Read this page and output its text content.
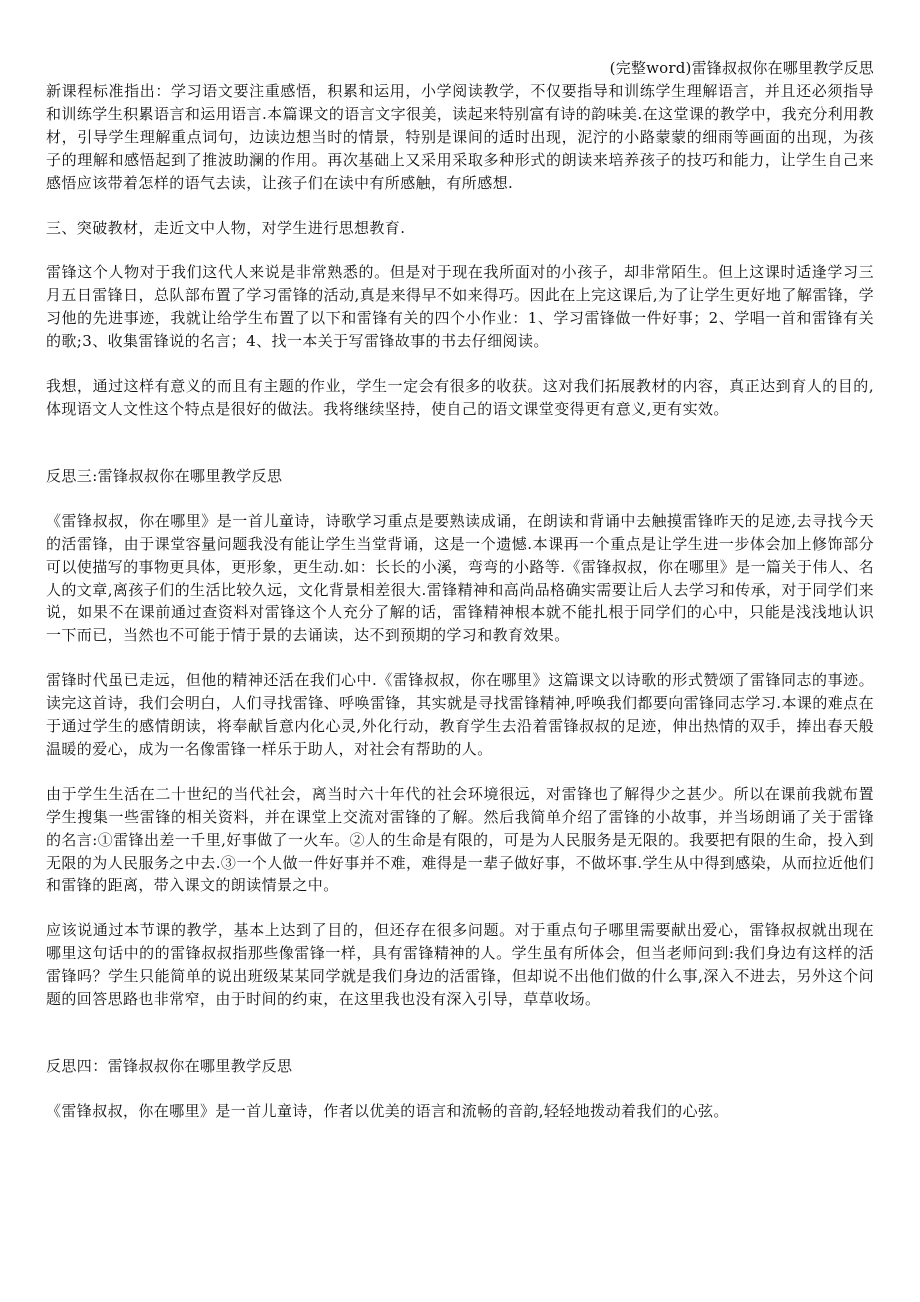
(完整word)雷锋叔叔你在哪里教学反思

新课程标准指出：学习语文要注重感悟，积累和运用，小学阅读教学，不仅要指导和训练学生理解语言，并且还必须指导和训练学生积累语言和运用语言.本篇课文的语言文字很美，读起来特别富有诗的韵味美.在这堂课的教学中，我充分利用教材，引导学生理解重点词句，边读边想当时的情景，特别是课间的适时出现，泥泞的小路蒙蒙的细雨等画面的出现，为孩子的理解和感悟起到了推波助澜的作用。再次基础上又采用采取多种形式的朗读来培养孩子的技巧和能力，让学生自己来感悟应该带着怎样的语气去读，让孩子们在读中有所感触，有所感想.

三、突破教材，走近文中人物，对学生进行思想教育.

雷锋这个人物对于我们这代人来说是非常熟悉的。但是对于现在我所面对的小孩子，却非常陌生。但上这课时适逢学习三月五日雷锋日，总队部布置了学习雷锋的活动,真是来得早不如来得巧。因此在上完这课后,为了让学生更好地了解雷锋，学习他的先进事迹，我就让给学生布置了以下和雷锋有关的四个小作业：1、学习雷锋做一件好事；2、学唱一首和雷锋有关的歌;3、收集雷锋说的名言；4、找一本关于写雷锋故事的书去仔细阅读。

我想，通过这样有意义的而且有主题的作业，学生一定会有很多的收获。这对我们拓展教材的内容，真正达到育人的目的,体现语文人文性这个特点是很好的做法。我将继续坚持，使自己的语文课堂变得更有意义,更有实效。

反思三:雷锋叔叔你在哪里教学反思

《雷锋叔叔，你在哪里》是一首儿童诗，诗歌学习重点是要熟读成诵，在朗读和背诵中去触摸雷锋昨天的足迹,去寻找今天的活雷锋，由于课堂容量问题我没有能让学生当堂背诵，这是一个遗憾.本课再一个重点是让学生进一步体会加上修饰部分可以使描写的事物更具体，更形象，更生动.如：长长的小溪，弯弯的小路等.《雷锋叔叔，你在哪里》是一篇关于伟人、名人的文章,离孩子们的生活比较久远，文化背景相差很大.雷锋精神和高尚品格确实需要让后人去学习和传承，对于同学们来说，如果不在课前通过查资料对雷锋这个人充分了解的话，雷锋精神根本就不能扎根于同学们的心中，只能是浅浅地认识一下而已，当然也不可能于情于景的去诵读，达不到预期的学习和教育效果。

雷锋时代虽已走远，但他的精神还活在我们心中.《雷锋叔叔，你在哪里》这篇课文以诗歌的形式赞颂了雷锋同志的事迹。读完这首诗，我们会明白，人们寻找雷锋、呼唤雷锋，其实就是寻找雷锋精神,呼唤我们都要向雷锋同志学习.本课的难点在于通过学生的感情朗读，将奉献旨意内化心灵,外化行动，教育学生去沿着雷锋叔叔的足迹，伸出热情的双手，捧出春天般温暖的爱心，成为一名像雷锋一样乐于助人，对社会有帮助的人。

由于学生生活在二十世纪的当代社会，离当时六十年代的社会环境很远，对雷锋也了解得少之甚少。所以在课前我就布置学生搜集一些雷锋的相关资料，并在课堂上交流对雷锋的了解。然后我简单介绍了雷锋的小故事，并当场朗诵了关于雷锋的名言:①雷锋出差一千里,好事做了一火车。②人的生命是有限的，可是为人民服务是无限的。我要把有限的生命，投入到无限的为人民服务之中去.③一个人做一件好事并不难，难得是一辈子做好事，不做坏事.学生从中得到感染，从而拉近他们和雷锋的距离，带入课文的朗读情景之中。

应该说通过本节课的教学，基本上达到了目的，但还存在很多问题。对于重点句子哪里需要献出爱心，雷锋叔叔就出现在哪里这句话中的的雷锋叔叔指那些像雷锋一样，具有雷锋精神的人。学生虽有所体会，但当老师问到:我们身边有这样的活雷锋吗？学生只能简单的说出班级某某同学就是我们身边的活雷锋，但却说不出他们做的什么事,深入不进去，另外这个问题的回答思路也非常窄，由于时间的约束，在这里我也没有深入引导，草草收场。

反思四：雷锋叔叔你在哪里教学反思

《雷锋叔叔，你在哪里》是一首儿童诗，作者以优美的语言和流畅的音韵,轻轻地拨动着我们的心弦。
